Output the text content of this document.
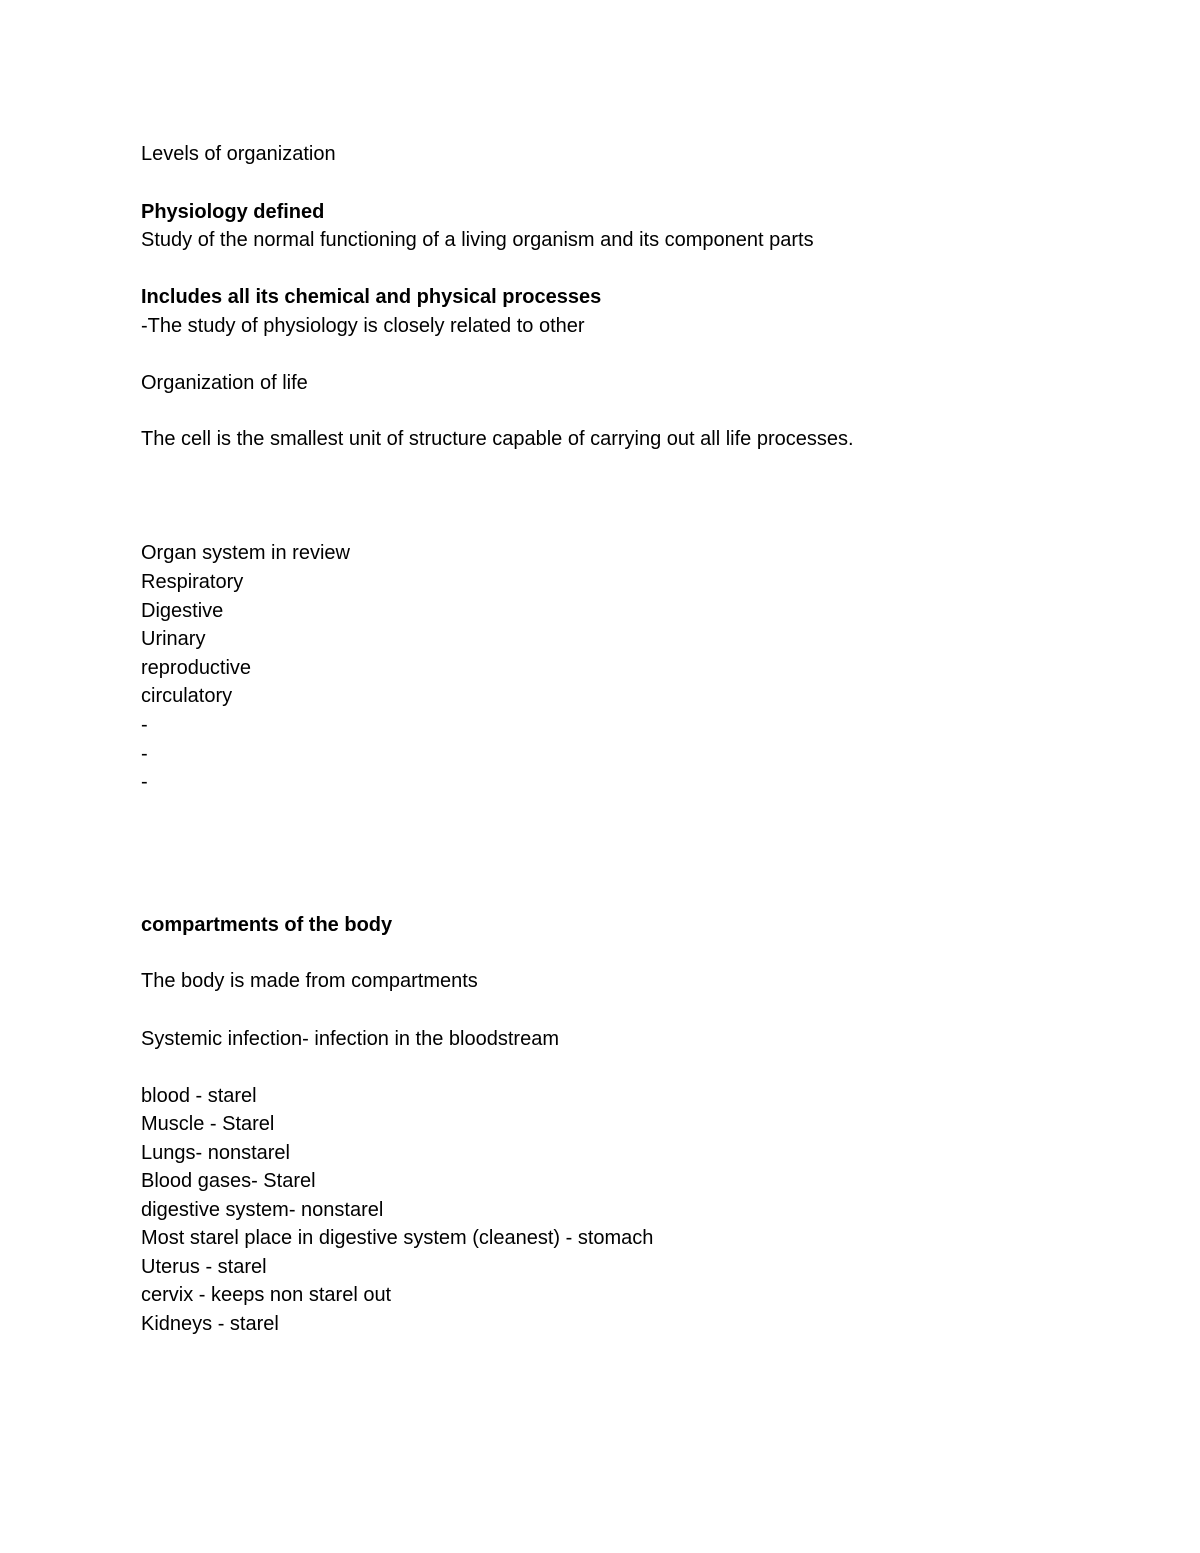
Levels of organization

Physiology defined

Study of the normal functioning of a living organism and its component parts

Includes all its chemical and physical processes

-The study of physiology is closely related to other

Organization of life

The cell is the smallest unit of structure capable of carrying out all life processes.

Organ system in review

Respiratory

Digestive

Urinary

reproductive

circulatory

-

-

-

compartments of the body

The body is made from compartments

Systemic infection- infection in the bloodstream

blood - starel

Muscle - Starel

Lungs- nonstarel

Blood gases- Starel

digestive system- nonstarel

Most starel place in digestive system (cleanest) - stomach

Uterus - starel

cervix - keeps non starel out

Kidneys - starel
